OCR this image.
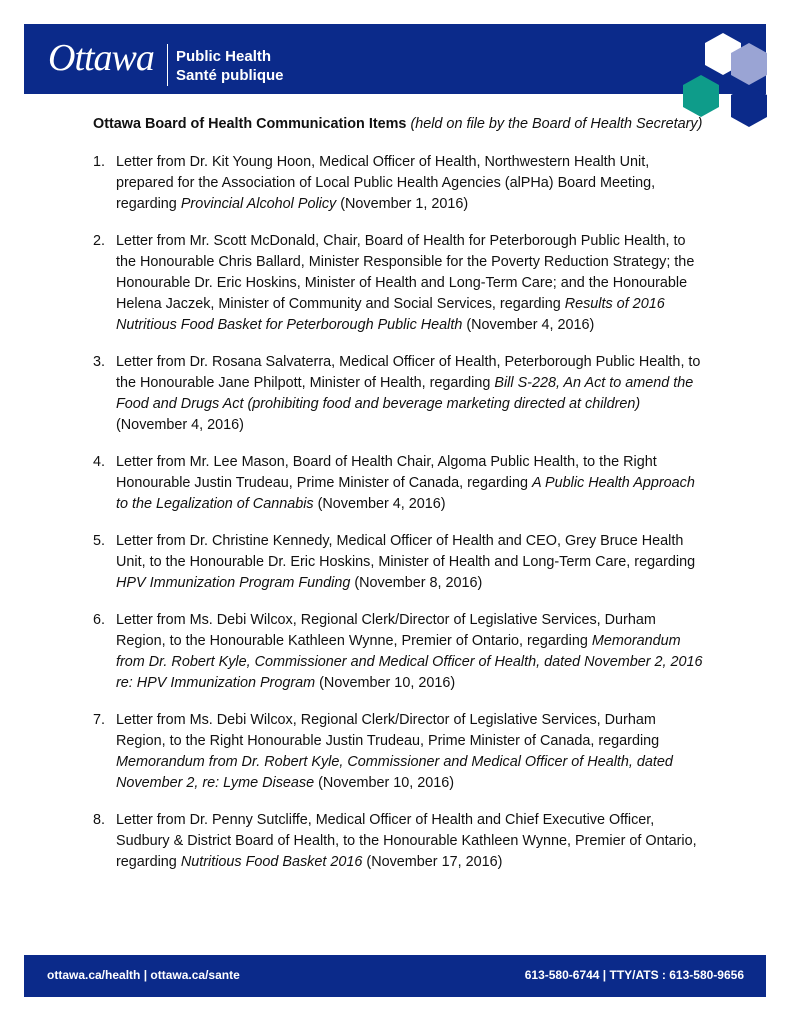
Ottawa Public Health
Santé publique

Ottawa Board of Health Communication Items (held on file by the Board of Health Secretary)

1. Letter from Dr. Kit Young Hoon, Medical Officer of Health, Northwestern Health Unit, prepared for the Association of Local Public Health Agencies (alPHa) Board Meeting, regarding Provincial Alcohol Policy (November 1, 2016)
2. Letter from Mr. Scott McDonald, Chair, Board of Health for Peterborough Public Health, to the Honourable Chris Ballard, Minister Responsible for the Poverty Reduction Strategy; the Honourable Dr. Eric Hoskins, Minister of Health and Long-Term Care; and the Honourable Helena Jaczek, Minister of Community and Social Services, regarding Results of 2016 Nutritious Food Basket for Peterborough Public Health (November 4, 2016)
3. Letter from Dr. Rosana Salvaterra, Medical Officer of Health, Peterborough Public Health, to the Honourable Jane Philpott, Minister of Health, regarding Bill S-228, An Act to amend the Food and Drugs Act (prohibiting food and beverage marketing directed at children) (November 4, 2016)
4. Letter from Mr. Lee Mason, Board of Health Chair, Algoma Public Health, to the Right Honourable Justin Trudeau, Prime Minister of Canada, regarding A Public Health Approach to the Legalization of Cannabis (November 4, 2016)
5. Letter from Dr. Christine Kennedy, Medical Officer of Health and CEO, Grey Bruce Health Unit, to the Honourable Dr. Eric Hoskins, Minister of Health and Long-Term Care, regarding HPV Immunization Program Funding (November 8, 2016)
6. Letter from Ms. Debi Wilcox, Regional Clerk/Director of Legislative Services, Durham Region, to the Honourable Kathleen Wynne, Premier of Ontario, regarding Memorandum from Dr. Robert Kyle, Commissioner and Medical Officer of Health, dated November 2, 2016 re: HPV Immunization Program (November 10, 2016)
7. Letter from Ms. Debi Wilcox, Regional Clerk/Director of Legislative Services, Durham Region, to the Right Honourable Justin Trudeau, Prime Minister of Canada, regarding Memorandum from Dr. Robert Kyle, Commissioner and Medical Officer of Health, dated November 2, re: Lyme Disease (November 10, 2016)
8. Letter from Dr. Penny Sutcliffe, Medical Officer of Health and Chief Executive Officer, Sudbury & District Board of Health, to the Honourable Kathleen Wynne, Premier of Ontario, regarding Nutritious Food Basket 2016 (November 17, 2016)
ottawa.ca/health | ottawa.ca/sante	613-580-6744 | TTY/ATS : 613-580-9656
